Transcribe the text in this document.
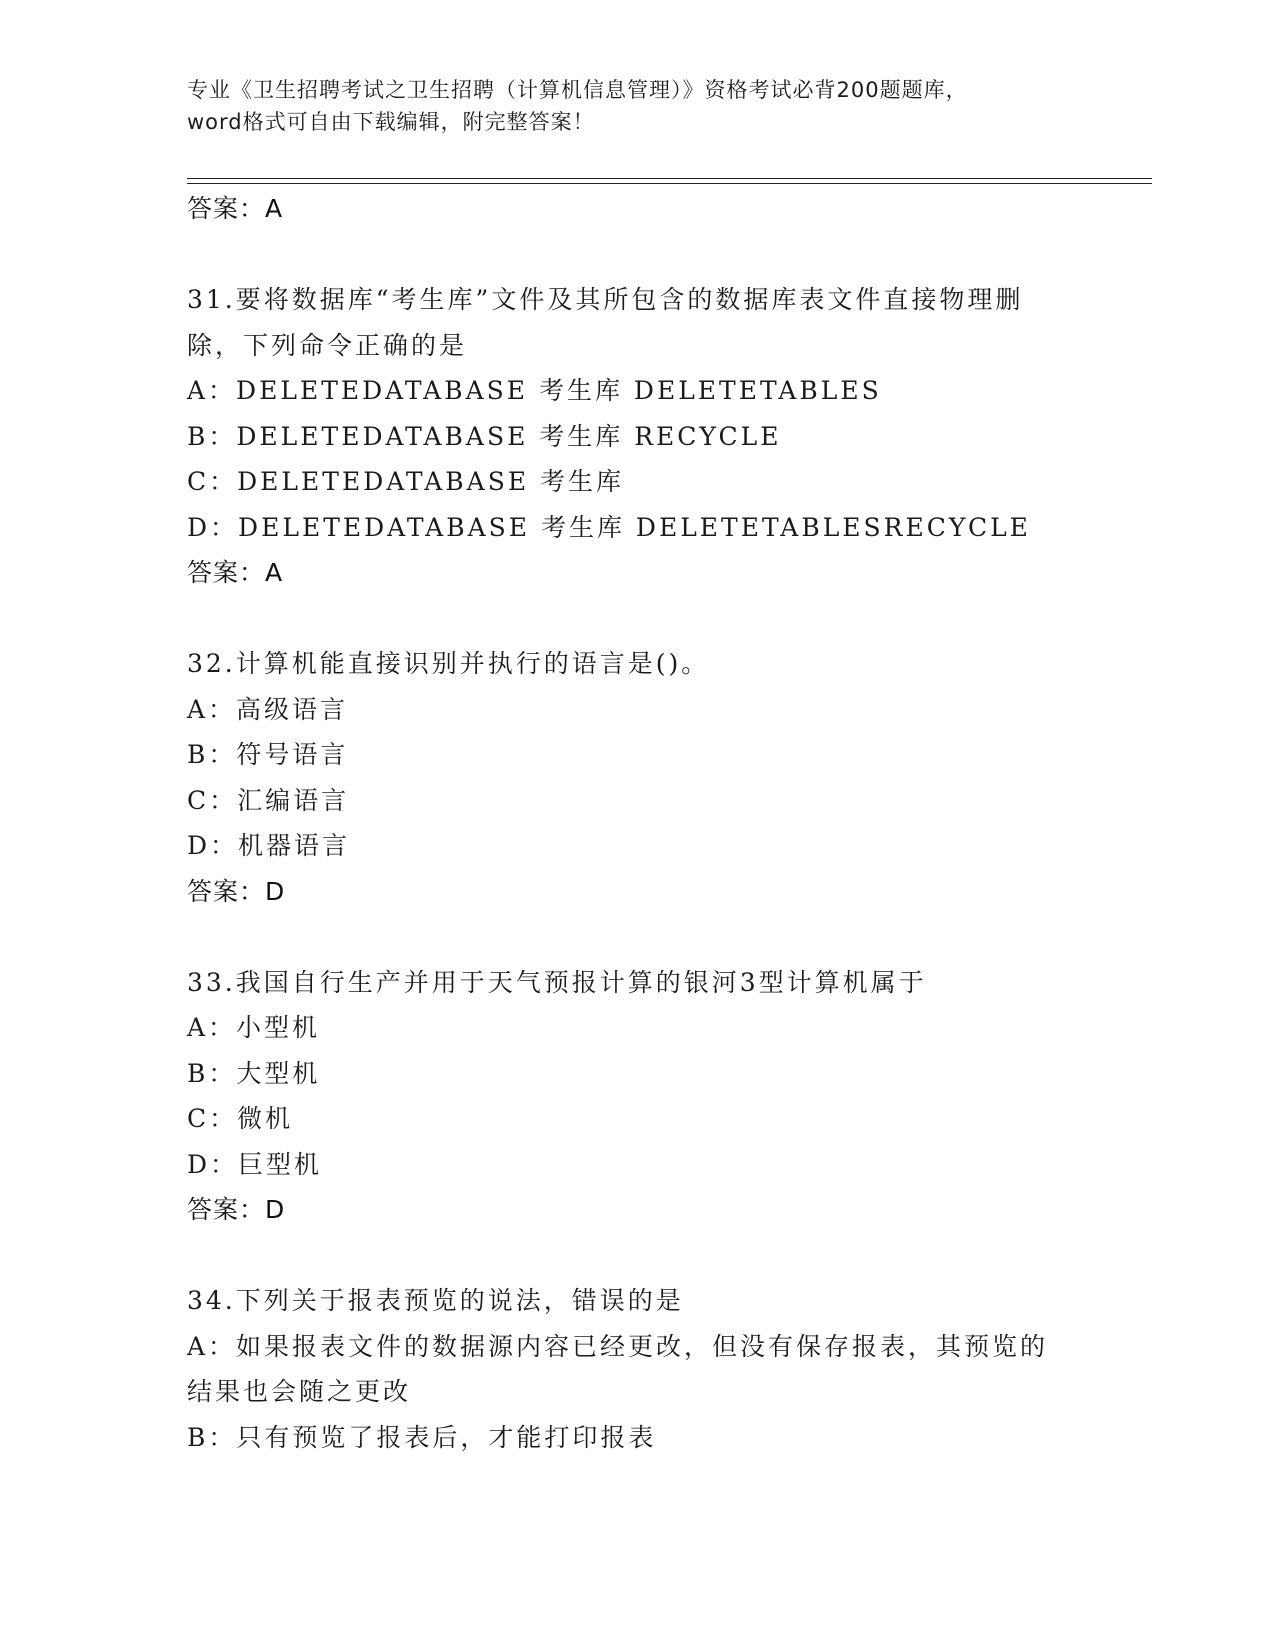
专业《卫生招聘考试之卫生招聘（计算机信息管理）》资格考试必背200题题库，
word格式可自由下载编辑，附完整答案！
答案：A
31.要将数据库“考生库”文件及其所包含的数据库表文件直接物理删
除，下列命令正确的是
A：DELETEDATABASE 考生库 DELETETABLES
B：DELETEDATABASE 考生库 RECYCLE
C：DELETEDATABASE 考生库
D：DELETEDATABASE 考生库 DELETETABLESRECYCLE
答案：A
32.计算机能直接识别并执行的语言是()。
A：高级语言
B：符号语言
C：汇编语言
D：机器语言
答案：D
33.我国自行生产并用于天气预报计算的银河3型计算机属于
A：小型机
B：大型机
C：微机
D：巨型机
答案：D
34.下列关于报表预览的说法，错误的是
A：如果报表文件的数据源内容已经更改，但没有保存报表，其预览的
结果也会随之更改
B：只有预览了报表后，才能打印报表
